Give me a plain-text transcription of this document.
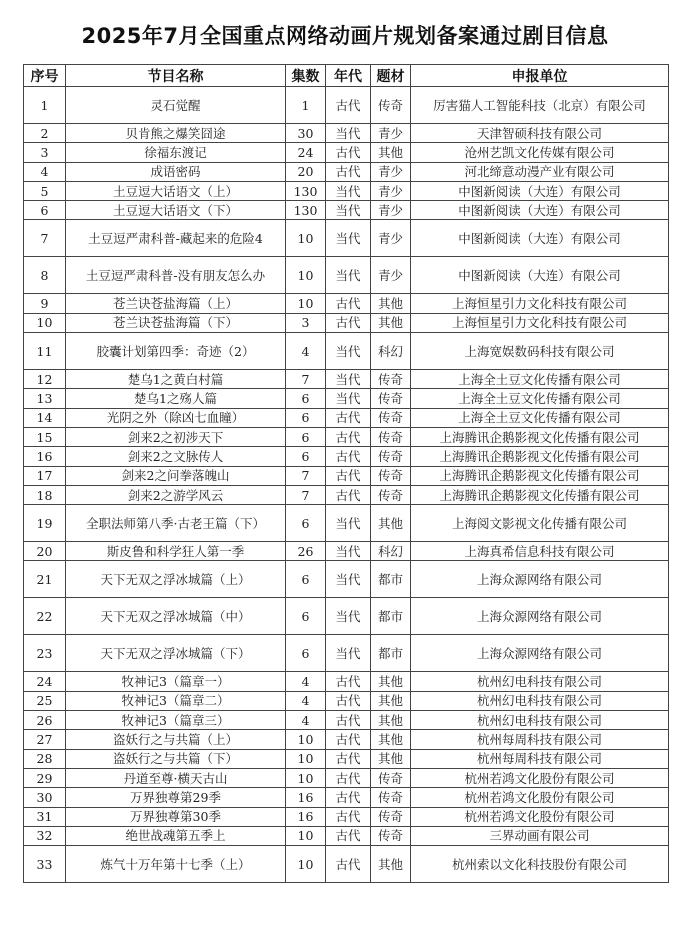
2025年7月全国重点网络动画片规划备案通过剧目信息
序号	节目名称	集数	年代	题材	申报单位
1	灵石觉醒	1	古代	传奇	厉害猫人工智能科技（北京）有限公司
2	贝肯熊之爆笑囧途	30	当代	青少	天津智硕科技有限公司
3	徐福东渡记	24	古代	其他	沧州艺凯文化传媒有限公司
4	成语密码	20	古代	青少	河北缔意动漫产业有限公司
5	土豆逗大话语文（上）	130	当代	青少	中图新阅读（大连）有限公司
6	土豆逗大话语文（下）	130	当代	青少	中图新阅读（大连）有限公司
7	土豆逗严肃科普-藏起来的危险4	10	当代	青少	中图新阅读（大连）有限公司
8	土豆逗严肃科普-没有朋友怎么办	10	当代	青少	中图新阅读（大连）有限公司
9	苍兰诀苍盐海篇（上）	10	古代	其他	上海恒星引力文化科技有限公司
10	苍兰诀苍盐海篇（下）	3	古代	其他	上海恒星引力文化科技有限公司
11	胶囊计划第四季：奇迹（2）	4	当代	科幻	上海宽娱数码科技有限公司
12	楚乌1之黄白村篇	7	当代	传奇	上海全土豆文化传播有限公司
13	楚乌1之殇人篇	6	当代	传奇	上海全土豆文化传播有限公司
14	光阴之外（除凶七血瞳）	6	古代	传奇	上海全土豆文化传播有限公司
15	剑来2之初涉天下	6	古代	传奇	上海腾讯企鹅影视文化传播有限公司
16	剑来2之文脉传人	6	古代	传奇	上海腾讯企鹅影视文化传播有限公司
17	剑来2之问拳落魄山	7	古代	传奇	上海腾讯企鹅影视文化传播有限公司
18	剑来2之游学风云	7	古代	传奇	上海腾讯企鹅影视文化传播有限公司
19	全职法师第八季·古老王篇（下）	6	当代	其他	上海阅文影视文化传播有限公司
20	斯皮鲁和科学狂人第一季	26	当代	科幻	上海真希信息科技有限公司
21	天下无双之浮冰城篇（上）	6	当代	都市	上海众源网络有限公司
22	天下无双之浮冰城篇（中）	6	当代	都市	上海众源网络有限公司
23	天下无双之浮冰城篇（下）	6	当代	都市	上海众源网络有限公司
24	牧神记3（篇章一）	4	古代	其他	杭州幻电科技有限公司
25	牧神记3（篇章二）	4	古代	其他	杭州幻电科技有限公司
26	牧神记3（篇章三）	4	古代	其他	杭州幻电科技有限公司
27	盗妖行之与共篇（上）	10	古代	其他	杭州每周科技有限公司
28	盗妖行之与共篇（下）	10	古代	其他	杭州每周科技有限公司
29	丹道至尊·横天古山	10	古代	传奇	杭州若鸿文化股份有限公司
30	万界独尊第29季	16	古代	传奇	杭州若鸿文化股份有限公司
31	万界独尊第30季	16	古代	传奇	杭州若鸿文化股份有限公司
32	绝世战魂第五季上	10	古代	传奇	三界动画有限公司
33	炼气十万年第十七季（上）	10	古代	其他	杭州索以文化科技股份有限公司
